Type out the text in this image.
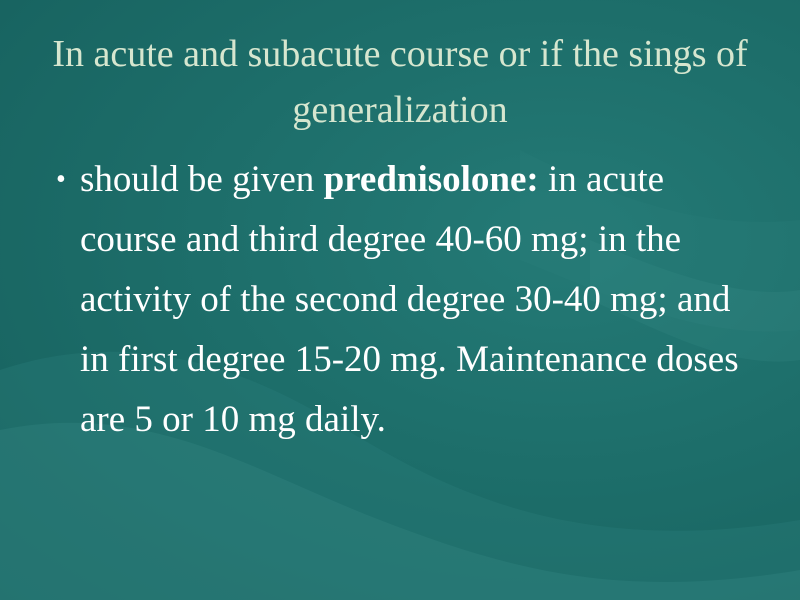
In acute and subacute course or if the sings of generalization
• should be given prednisolone: in acute course and third degree 40-60 mg; in the activity of the second degree 30-40 mg; and in first degree 15-20 mg. Maintenance doses are 5 or 10 mg daily.
